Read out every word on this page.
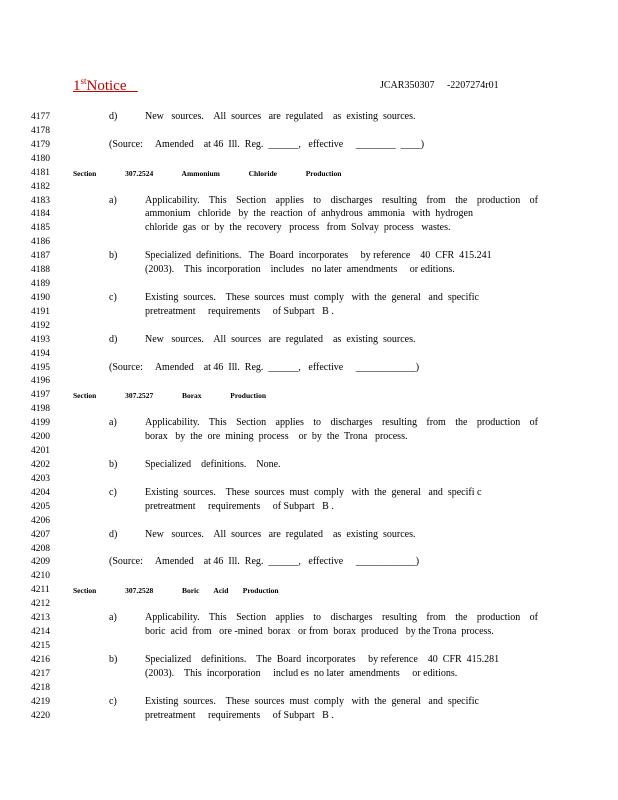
1stNotice	JCAR350307     -2207274r01
4177	d)	New   sources.    All  sources   are  regulated    as  existing  sources.
4178
4179	(Source:     Amended    at 46  Ill.  Reg.  ______,   effective     ________  ____)
4180
4181	Section          307.2524          Ammonium          Chloride          Production
4182
4183	a)	Applicability. This Section applies to discharges resulting from the production of
4184	ammonium   chloride   by  the  reaction  of  anhydrous  ammonia   with  hydrogen
4185	chloride  gas  or  by  the  recovery   process   from  Solvay  process   wastes.
4186
4187	b)	Specialized  definitions.   The  Board  incorporates     by reference    40  CFR  415.241
4188	(2003).    This  incorporation    includes   no later  amendments     or editions.
4189
4190	c)	Existing  sources.    These  sources  must  comply   with  the  general   and  specific
4191	pretreatment     requirements     of Subpart   B .
4192
4193	d)	New   sources.    All  sources   are  regulated    as  existing  sources.
4194
4195	(Source:     Amended    at 46  Ill.  Reg.  ______,   effective     ____________)
4196
4197	Section          307.2527          Borax          Production
4198
4199	a)	Applicability. This Section applies to discharges resulting from the production of
4200	borax   by  the  ore  mining  process    or  by  the  Trona   process.
4201
4202	b)	Specialized    definitions.    None.
4203
4204	c)	Existing  sources.    These  sources  must  comply   with  the  general   and  specifi c
4205	pretreatment     requirements     of Subpart   B .
4206
4207	d)	New   sources.    All  sources   are  regulated    as  existing  sources.
4208
4209	(Source:     Amended    at 46  Ill.  Reg.  ______,   effective     ____________)
4210
4211	Section          307.2528          Boric     Acid     Production
4212
4213	a)	Applicability. This Section applies to discharges resulting from the production of
4214	boric  acid  from   ore -mined  borax   or from  borax  produced   by the Trona  process.
4215
4216	b)	Specialized    definitions.    The  Board  incorporates     by reference    40  CFR  415.281
4217	(2003).    This  incorporation     includ es  no later  amendments     or editions.
4218
4219	c)	Existing  sources.    These  sources  must  comply   with  the  general   and  specific
4220	pretreatment     requirements     of Subpart   B .
